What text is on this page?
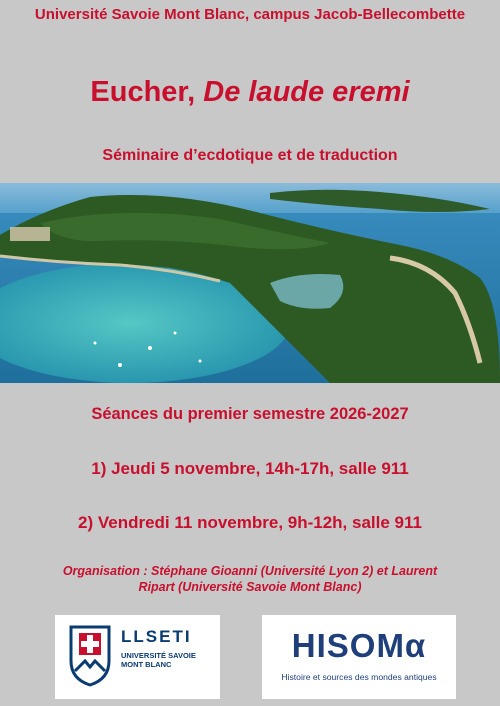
Université Savoie Mont Blanc, campus Jacob-Bellecombette
Eucher, De laude eremi
Séminaire d’ecdotique et de traduction
Séances du premier semestre 2026-2027
1) Jeudi 5 novembre, 14h-17h, salle 911
2) Vendredi 11 novembre, 9h-12h, salle 911
Organisation : Stéphane Gioanni (Université Lyon 2) et Laurent
Ripart (Université Savoie Mont Blanc)
LLSETI
UNIVERSITÉ SAVOIE
MONT BLANC
HISOMα
Histoire et sources des mondes antiques
